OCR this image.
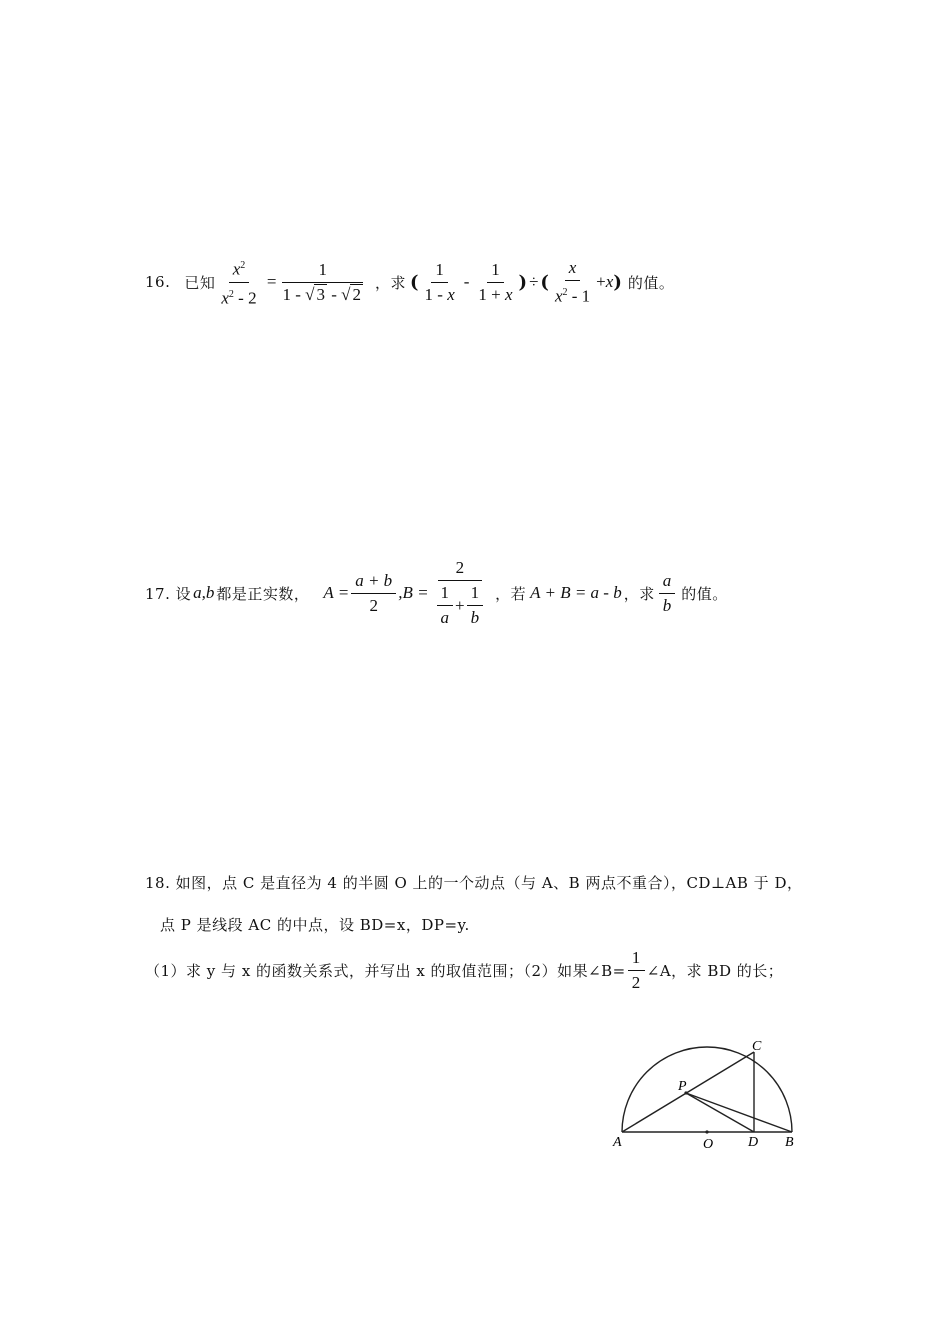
16. 已知 $\frac{x^2}{x^2 - 2} = \frac{1}{1 - √ 3 - √ 2}$ ，求 ( $\frac{1}{1 - x} - \frac{1}{1 + x}$ ) ÷ ( $\frac{x}{x^2 - 1} + x$ ) 的值。
17. 设 a,b 都是正实数， $A = \frac{a + b}{2} ,B = \frac{2}{\frac{1}{a} + \frac{1}{b}}$ ，若 A + B = a - b ，求 $\frac{a}{b}$ 的值。
18. 如图，点 C 是直径为 4 的半圆 O 上的一个动点（与 A、B 两点不重合），CD⊥AB 于 D，
点 P 是线段 AC 的中点，设 BD=x，DP=y.
（1）求 y 与 x 的函数关系式，并写出 x 的取值范围；（2）如果∠B= $\frac{1}{2}$ ∠A，求 BD 的长；
A	O D B
C
P
